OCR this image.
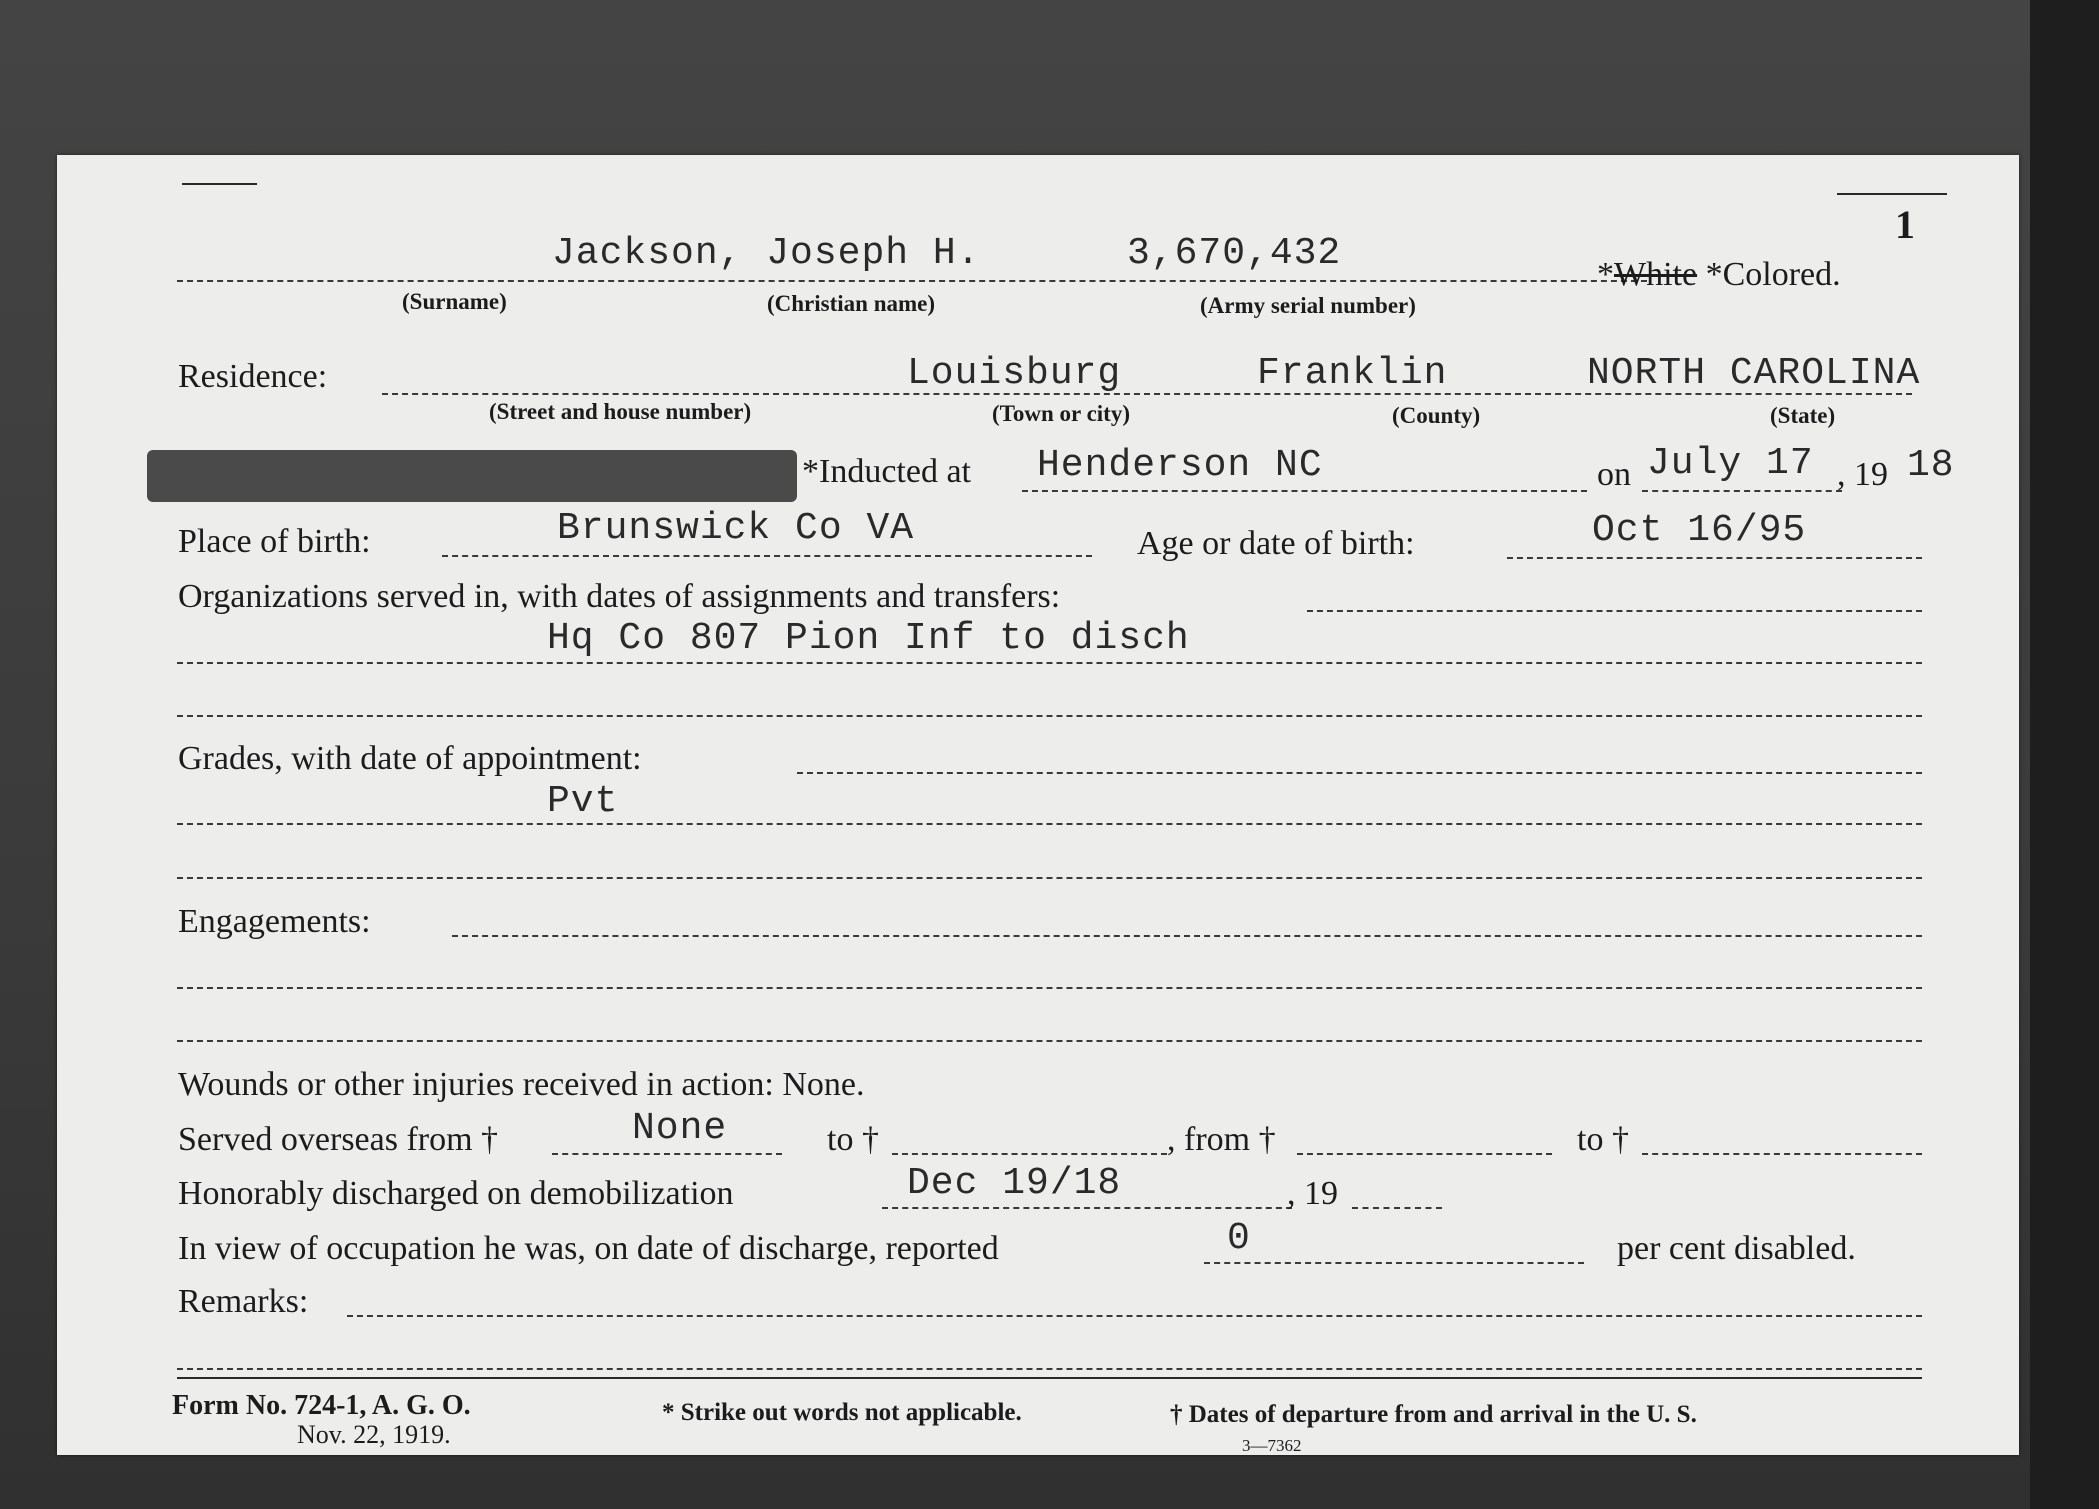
1
Jackson, Joseph H.	3,670,432	*White *Colored.
(Surname)	(Christian name)	(Army serial number)
Residence:	Louisburg	Franklin	NORTH CAROLINA
(Street and house number)	(Town or city)	(County)	(State)
*Inducted at Henderson NC	on July 17 , 19 18
Place of birth:	Brunswick Co VA	Age or date of birth:	Oct 16/95
Organizations served in, with dates of assignments and transfers:
Hq Co 807 Pion Inf to disch
Grades, with date of appointment:
Pvt
Engagements:
Wounds or other injuries received in action: None.
Served overseas from †	None	to †	, from †	to †
Honorably discharged on demobilization	Dec 19/18	, 19
In view of occupation he was, on date of discharge, reported	0	per cent disabled.
Remarks:
Form No. 724-1, A. G. O.
Nov. 22, 1919.
* Strike out words not applicable.	† Dates of departure from and arrival in the U. S.
3—7362
